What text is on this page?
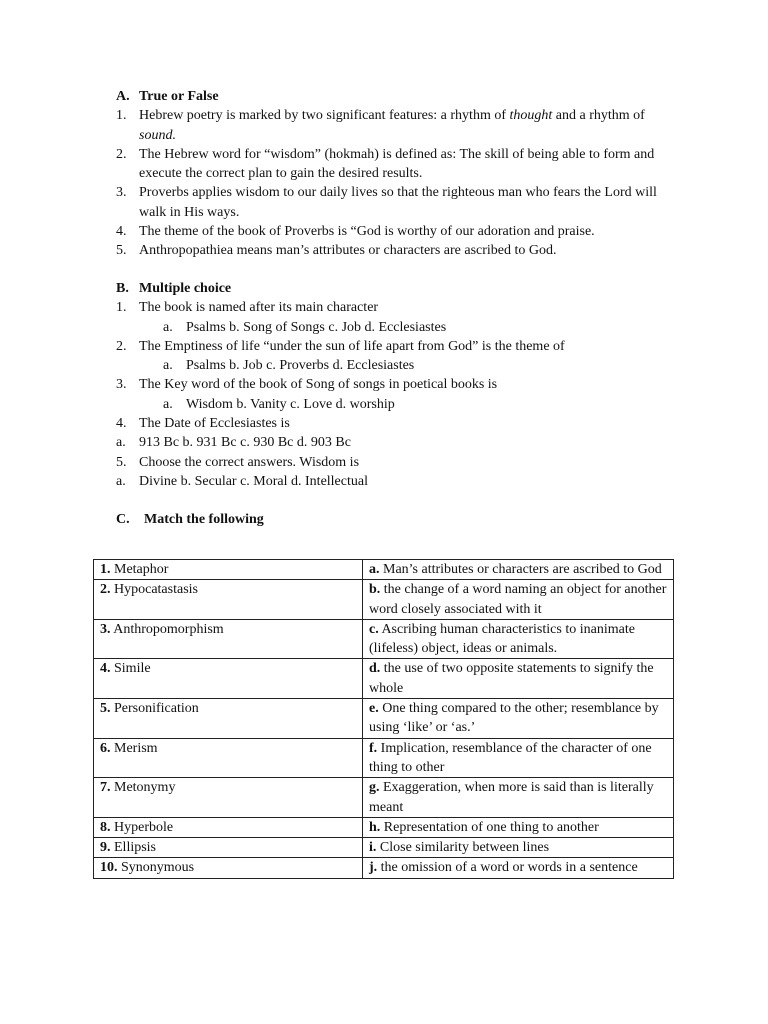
A. True or False
1. Hebrew poetry is marked by two significant features: a rhythm of thought and a rhythm of sound.
2. The Hebrew word for “wisdom” (hokmah) is defined as: The skill of being able to form and execute the correct plan to gain the desired results.
3. Proverbs applies wisdom to our daily lives so that the righteous man who fears the Lord will walk in His ways.
4. The theme of the book of Proverbs is “God is worthy of our adoration and praise.
5. Anthropopathiea means man’s attributes or characters are ascribed to God.
B. Multiple choice
1. The book is named after its main character
a. Psalms b. Song of Songs c. Job d. Ecclesiastes
2. The Emptiness of life “under the sun of life apart from God” is the theme of
a. Psalms b. Job c. Proverbs d. Ecclesiastes
3. The Key word of the book of Song of songs in poetical books is
a. Wisdom b. Vanity c. Love d. worship
4. The Date of Ecclesiastes is
a. 913 Bc b. 931 Bc c. 930 Bc d. 903 Bc
5. Choose the correct answers. Wisdom is
a. Divine b. Secular c. Moral d. Intellectual
C.	Match the following
1. Metaphor	a. Man’s attributes or characters are ascribed to God
2. Hypocatastasis	b. the change of a word naming an object for another word closely associated with it
3. Anthropomorphism	c. Ascribing human characteristics to inanimate (lifeless) object, ideas or animals.
4. Simile	d. the use of two opposite statements to signify the whole
5. Personification	e. One thing compared to the other; resemblance by using ‘like’ or ‘as.’
6. Merism	f. Implication, resemblance of the character of one thing to other
7. Metonymy	g. Exaggeration, when more is said than is literally meant
8. Hyperbole	h. Representation of one thing to another
9. Ellipsis	i. Close similarity between lines
10. Synonymous	j. the omission of a word or words in a sentence
